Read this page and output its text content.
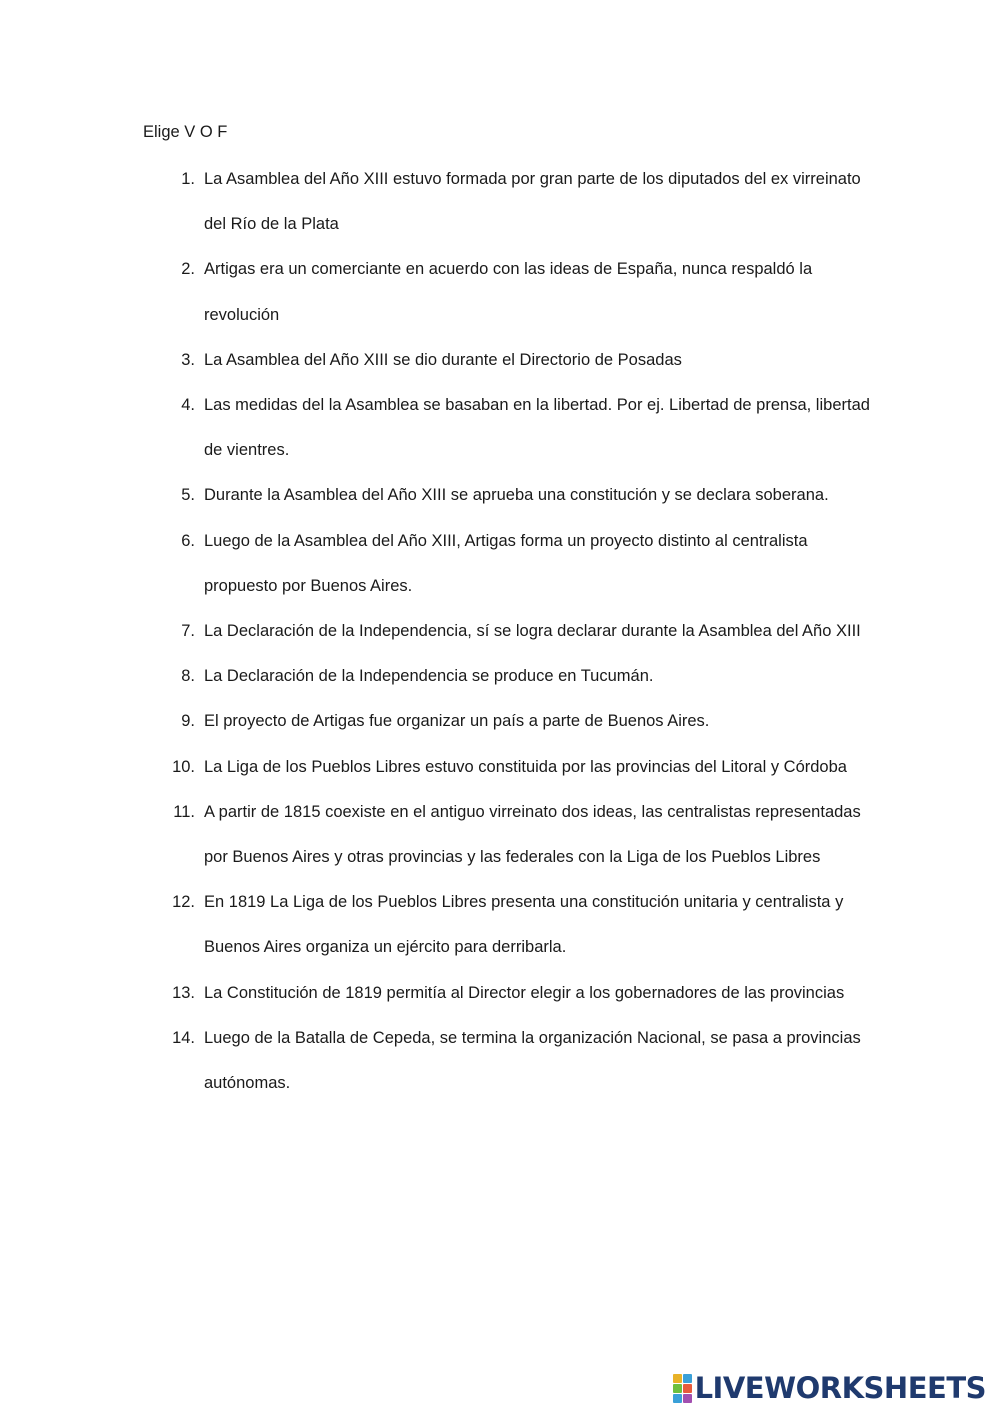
Elige V O F
1. La Asamblea del Año XIII estuvo formada por gran parte de los diputados del ex virreinato del Río de la Plata
2. Artigas era un comerciante en acuerdo con las ideas de España, nunca respaldó la revolución
3. La Asamblea del Año XIII se dio durante el Directorio de Posadas
4. Las medidas del la Asamblea se basaban en la libertad. Por ej. Libertad de prensa, libertad de vientres.
5. Durante la Asamblea del Año XIII se aprueba una constitución y se declara soberana.
6. Luego de la Asamblea del Año XIII, Artigas forma un proyecto distinto al centralista propuesto por Buenos Aires.
7. La Declaración de la Independencia, sí se logra declarar durante la Asamblea del Año XIII
8. La Declaración de la Independencia se produce en Tucumán.
9. El proyecto de Artigas fue organizar un país a parte de Buenos Aires.
10. La Liga de los Pueblos Libres estuvo constituida por las provincias del Litoral y Córdoba
11. A partir de 1815 coexiste en el antiguo virreinato dos ideas, las centralistas representadas por Buenos Aires y otras provincias y las federales con la Liga de los Pueblos Libres
12. En 1819 La Liga de los Pueblos Libres presenta una constitución unitaria y centralista y Buenos Aires organiza un ejército para derribarla.
13. La Constitución de 1819 permitía al Director elegir a los gobernadores de las provincias
14. Luego de la Batalla de Cepeda, se termina la organización Nacional, se pasa a provincias autónomas.
LIVEWORKSHEETS
